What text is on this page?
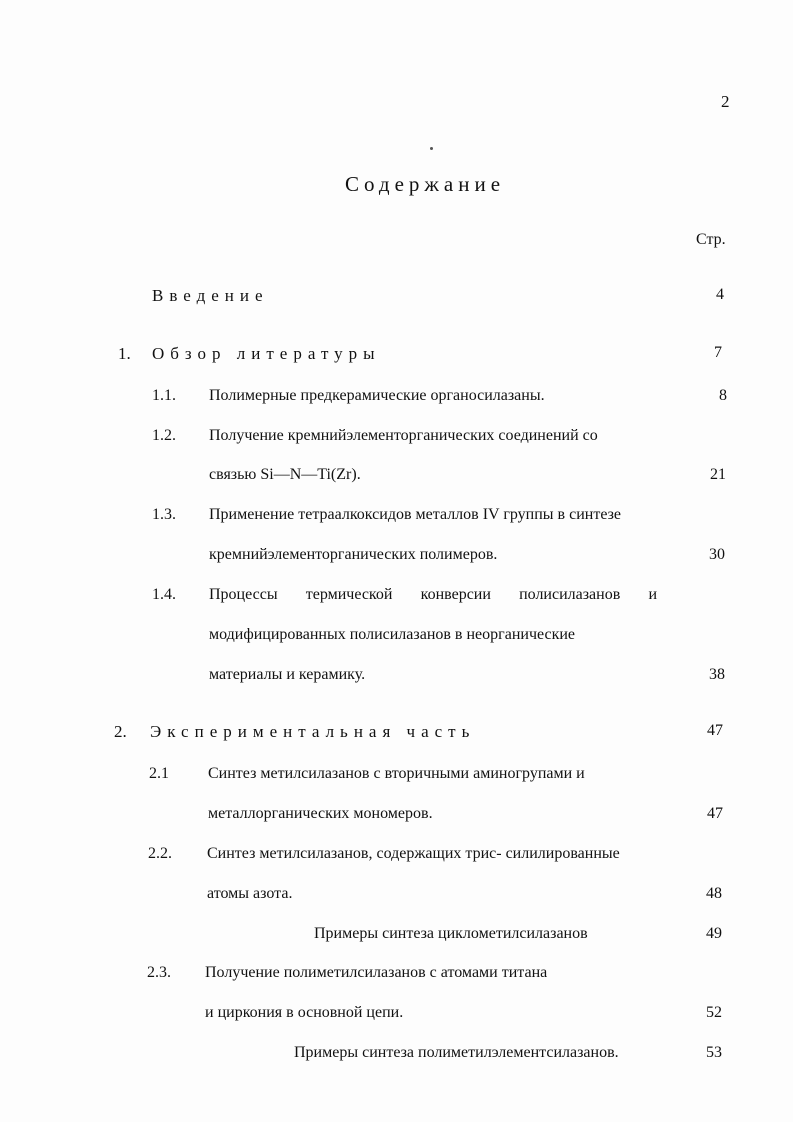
2
Содержание
Стр.
Введение	4
1. Обзор литературы	7
1.1. Полимерные предкерамические органосилазаны.	8
1.2. Получение кремнийэлементорганических соединений со
связью Si—N—Ti(Zr).	21
1.3. Применение тетраалкоксидов металлов IV группы в синтезе
кремнийэлементорганических полимеров.	30
1.4. Процессы термической конверсии полисилазанов и
модифицированных полисилазанов в неорганические
материалы и керамику.	38
2. Экспериментальная часть	47
2.1 Синтез метилсилазанов с вторичными аминогрупами и
металлорганических мономеров.	47
2.2. Синтез метилсилазанов, содержащих трис- силилированные
атомы азота.	48
Примеры синтеза циклометилсилазанов	49
2.3. Получение полиметилсилазанов с атомами титана
и циркония в основной цепи.	52
Примеры синтеза полиметилэлементсилазанов.	53
